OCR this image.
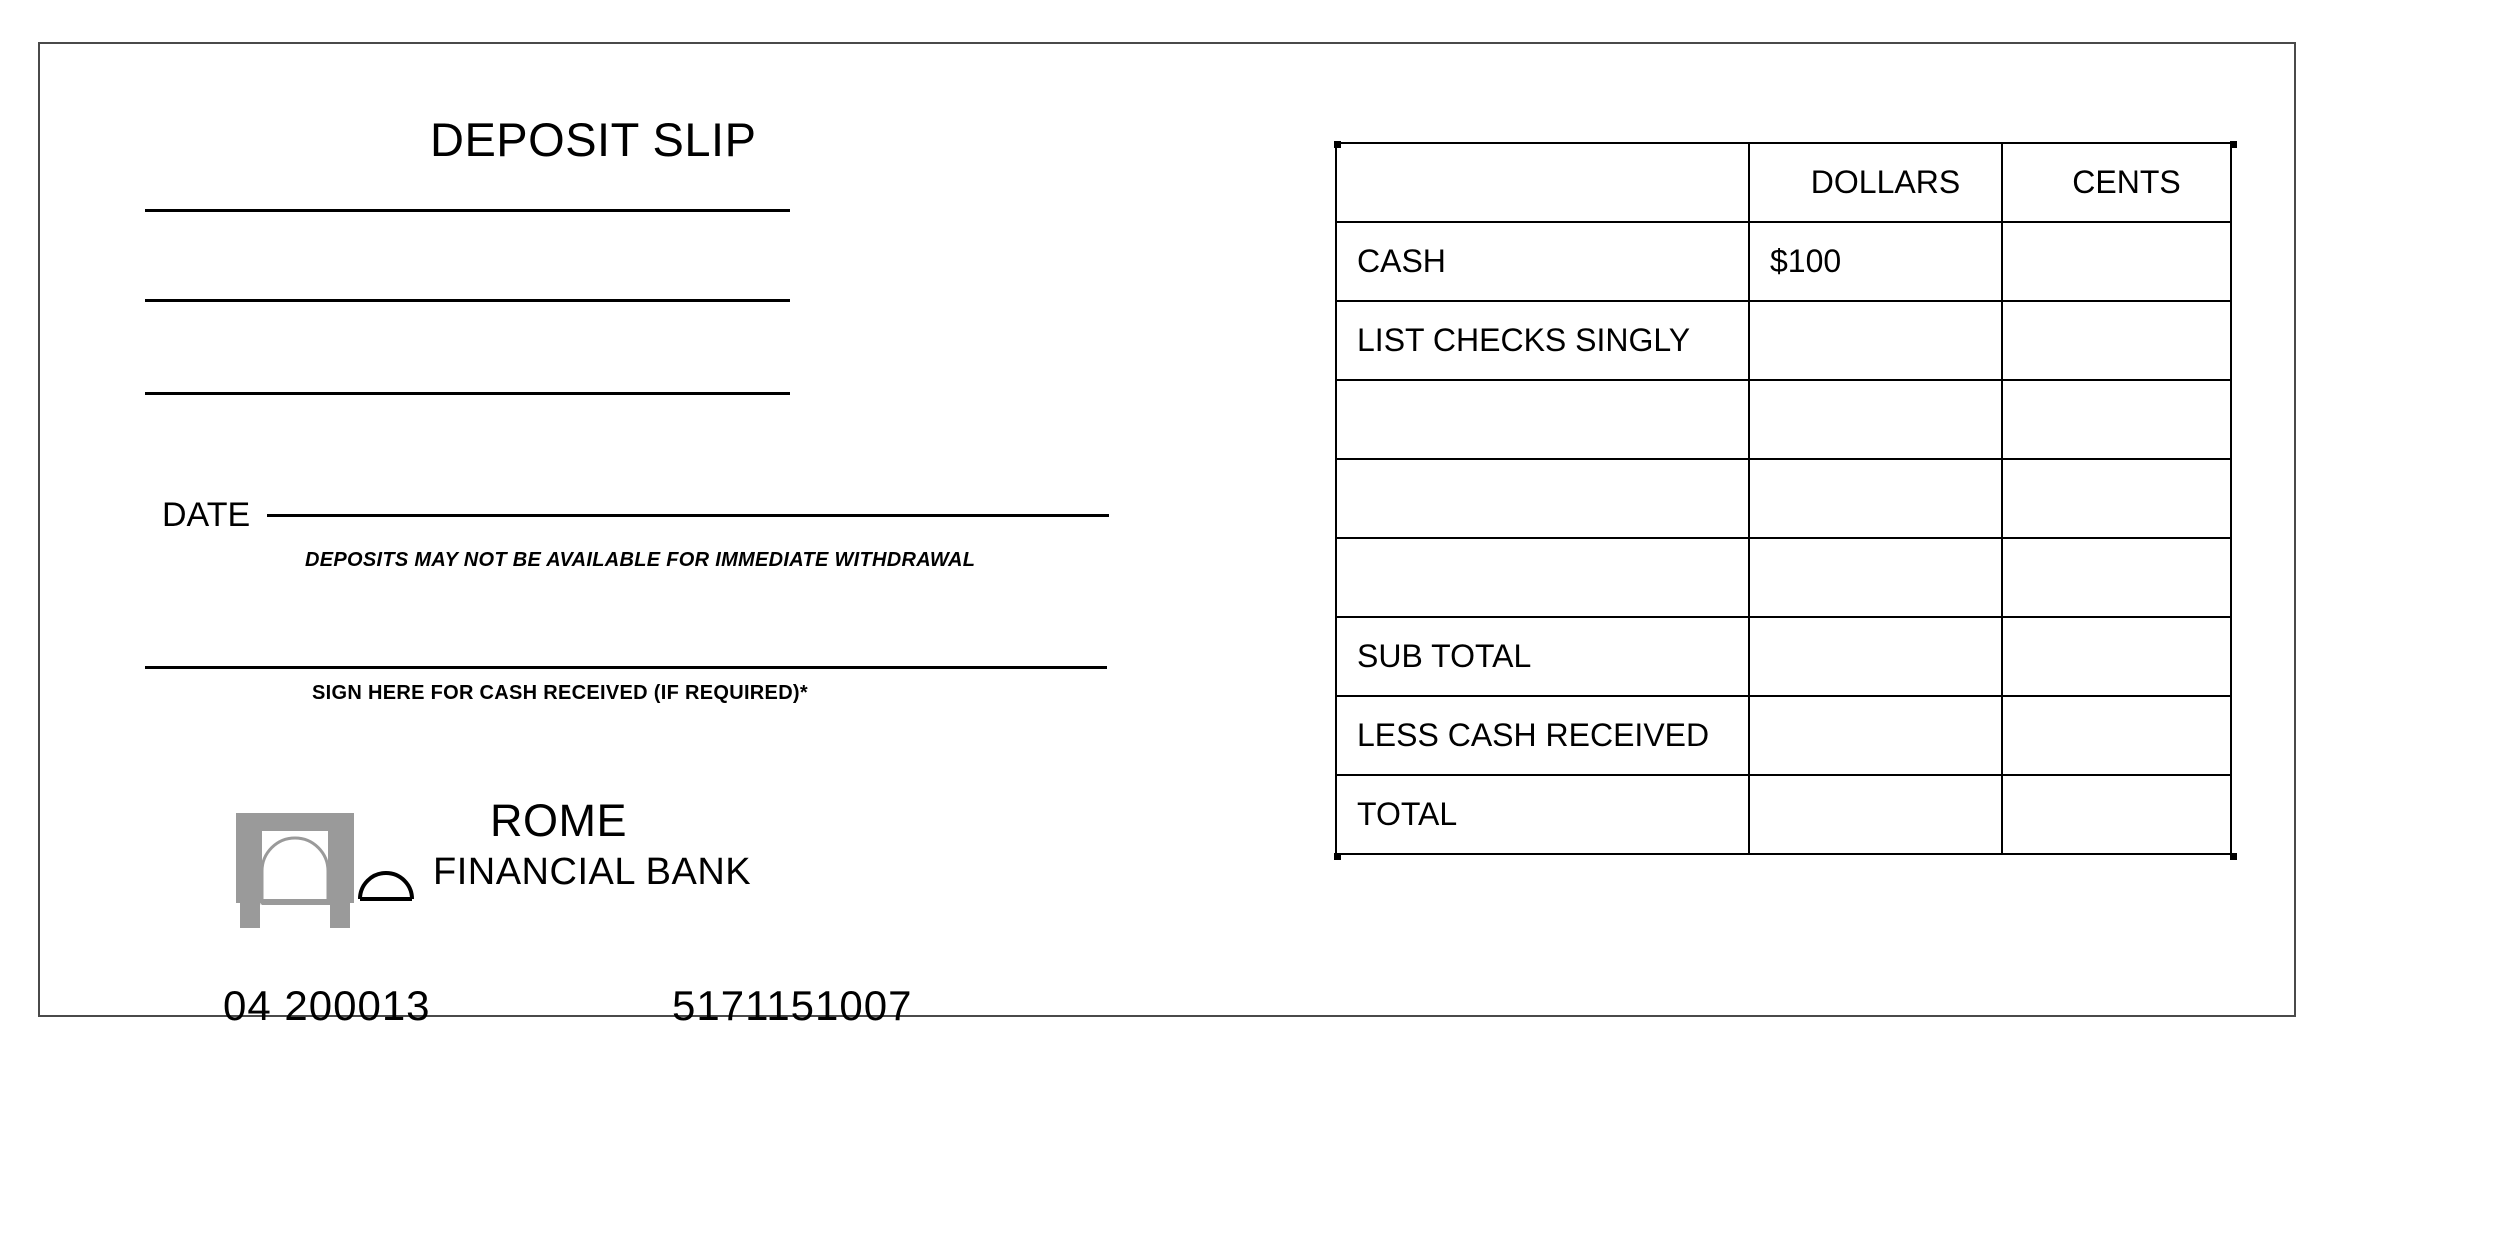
DEPOSIT SLIP
DATE
DEPOSITS MAY NOT BE AVAILABLE FOR IMMEDIATE WITHDRAWAL
SIGN HERE FOR CASH RECEIVED (IF REQUIRED)*
ROME
FINANCIAL BANK
04 200013	5171151007
	DOLLARS	CENTS
CASH	$100	
LIST CHECKS SINGLY		

SUB TOTAL		
LESS CASH RECEIVED		
TOTAL		
